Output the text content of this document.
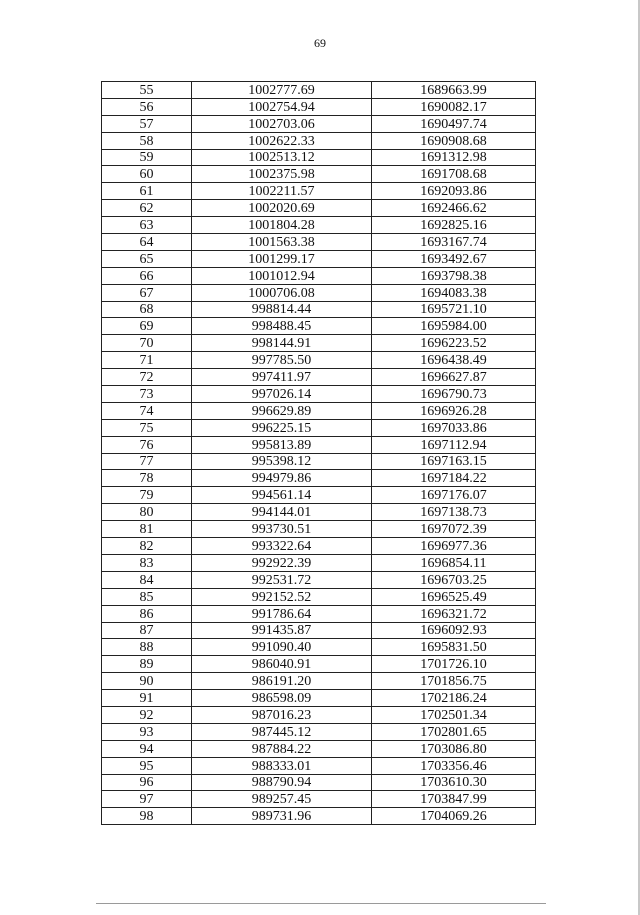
69
55	1002777.69	1689663.99
56	1002754.94	1690082.17
57	1002703.06	1690497.74
58	1002622.33	1690908.68
59	1002513.12	1691312.98
60	1002375.98	1691708.68
61	1002211.57	1692093.86
62	1002020.69	1692466.62
63	1001804.28	1692825.16
64	1001563.38	1693167.74
65	1001299.17	1693492.67
66	1001012.94	1693798.38
67	1000706.08	1694083.38
68	998814.44	1695721.10
69	998488.45	1695984.00
70	998144.91	1696223.52
71	997785.50	1696438.49
72	997411.97	1696627.87
73	997026.14	1696790.73
74	996629.89	1696926.28
75	996225.15	1697033.86
76	995813.89	1697112.94
77	995398.12	1697163.15
78	994979.86	1697184.22
79	994561.14	1697176.07
80	994144.01	1697138.73
81	993730.51	1697072.39
82	993322.64	1696977.36
83	992922.39	1696854.11
84	992531.72	1696703.25
85	992152.52	1696525.49
86	991786.64	1696321.72
87	991435.87	1696092.93
88	991090.40	1695831.50
89	986040.91	1701726.10
90	986191.20	1701856.75
91	986598.09	1702186.24
92	987016.23	1702501.34
93	987445.12	1702801.65
94	987884.22	1703086.80
95	988333.01	1703356.46
96	988790.94	1703610.30
97	989257.45	1703847.99
98	989731.96	1704069.26
